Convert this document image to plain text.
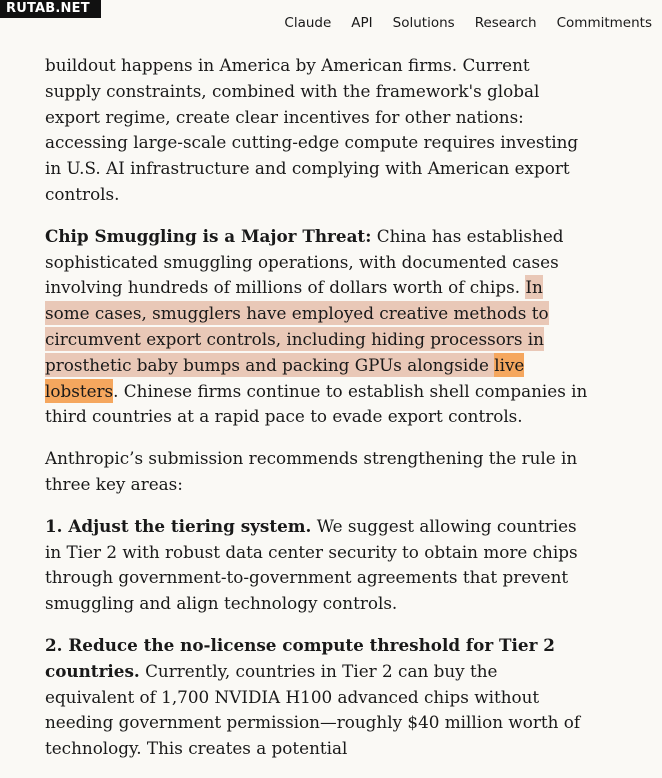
RUTAB.NET
Claude API Solutions Research Commitments

buildout happens in America by American firms. Current supply constraints, combined with the framework's global export regime, create clear incentives for other nations: accessing large-scale cutting-edge compute requires investing in U.S. AI infrastructure and complying with American export controls.

Chip Smuggling is a Major Threat: China has established sophisticated smuggling operations, with documented cases involving hundreds of millions of dollars worth of chips. In some cases, smugglers have employed creative methods to circumvent export controls, including hiding processors in prosthetic baby bumps and packing GPUs alongside live lobsters. Chinese firms continue to establish shell companies in third countries at a rapid pace to evade export controls.

Anthropic’s submission recommends strengthening the rule in three key areas:

1. Adjust the tiering system. We suggest allowing countries in Tier 2 with robust data center security to obtain more chips through government-to-government agreements that prevent smuggling and align technology controls.

2. Reduce the no-license compute threshold for Tier 2 countries. Currently, countries in Tier 2 can buy the equivalent of 1,700 NVIDIA H100 advanced chips without needing government permission—roughly $40 million worth of technology. This creates a potential
